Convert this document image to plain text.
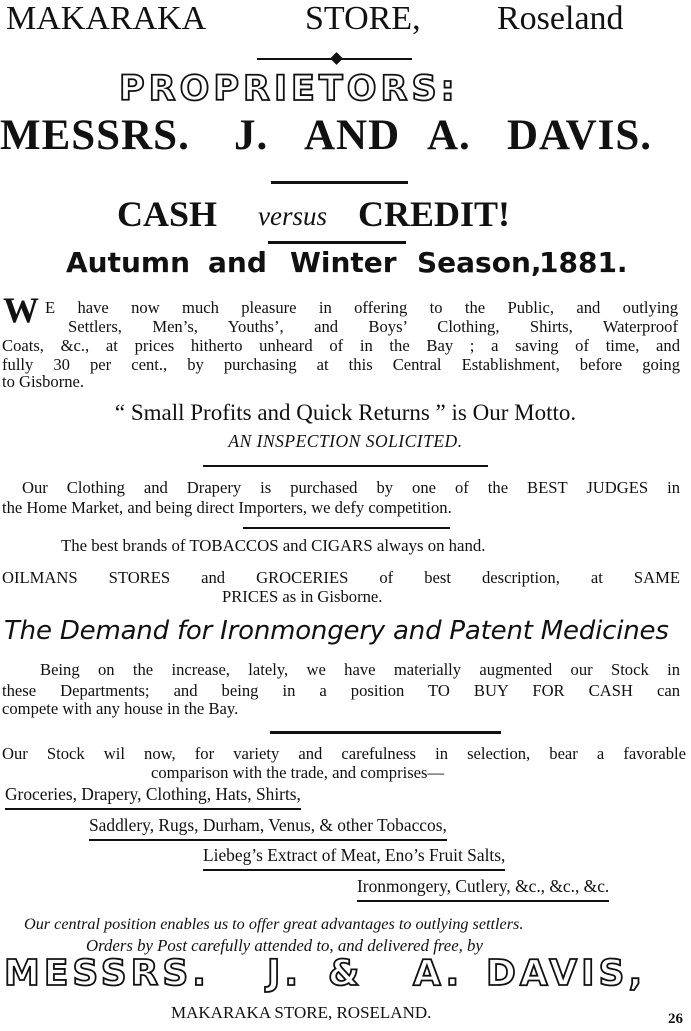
MAKARAKA	STORE, Roseland
PROPRIETORS:
MESSRS. J. AND A. DAVIS.
CASH versus CREDIT!
Autumn and Winter Season,
1881.
W E have now much pleasure in offering to the Public, and outlying
Settlers, Men’s, Youths’, and Boys’ Clothing, Shirts, Waterproof
Coats, &c., at prices hitherto unheard of in the Bay ; a saving of time, and
fully 30 per cent., by purchasing at this Central Establishment, before going
to Gisborne.
“ Small Profits and Quick Returns ” is Our Motto.
AN INSPECTION SOLICITED.
Our Clothing and Drapery is purchased by one of the BEST JUDGES in
the Home Market, and being direct Importers, we defy competition.
The best brands of TOBACCOS and CIGARS always on hand.
OILMANS STORES and GROCERIES of best description, at SAME
PRICES as in Gisborne.
The Demand for Ironmongery and Patent Medicines
Being on the increase, lately, we have materially augmented our Stock in
these Departments; and being in a position TO BUY FOR CASH can
compete with any house in the Bay.
Our Stock wil now, for variety and carefulness in selection, bear a favorable
comparison with the trade, and comprises—
Groceries, Drapery, Clothing, Hats, Shirts,
Saddlery, Rugs, Durham, Venus, & other Tobaccos,
Liebeg’s Extract of Meat, Eno’s Fruit Salts,
Ironmongery, Cutlery, &c., &c., &c.
Our central position enables us to offer great advantages to outlying settlers.
Orders by Post carefully attended to, and delivered free, by
MESSRS. J. & A. DAVIS,
MAKARAKA STORE, ROSELAND.	26
